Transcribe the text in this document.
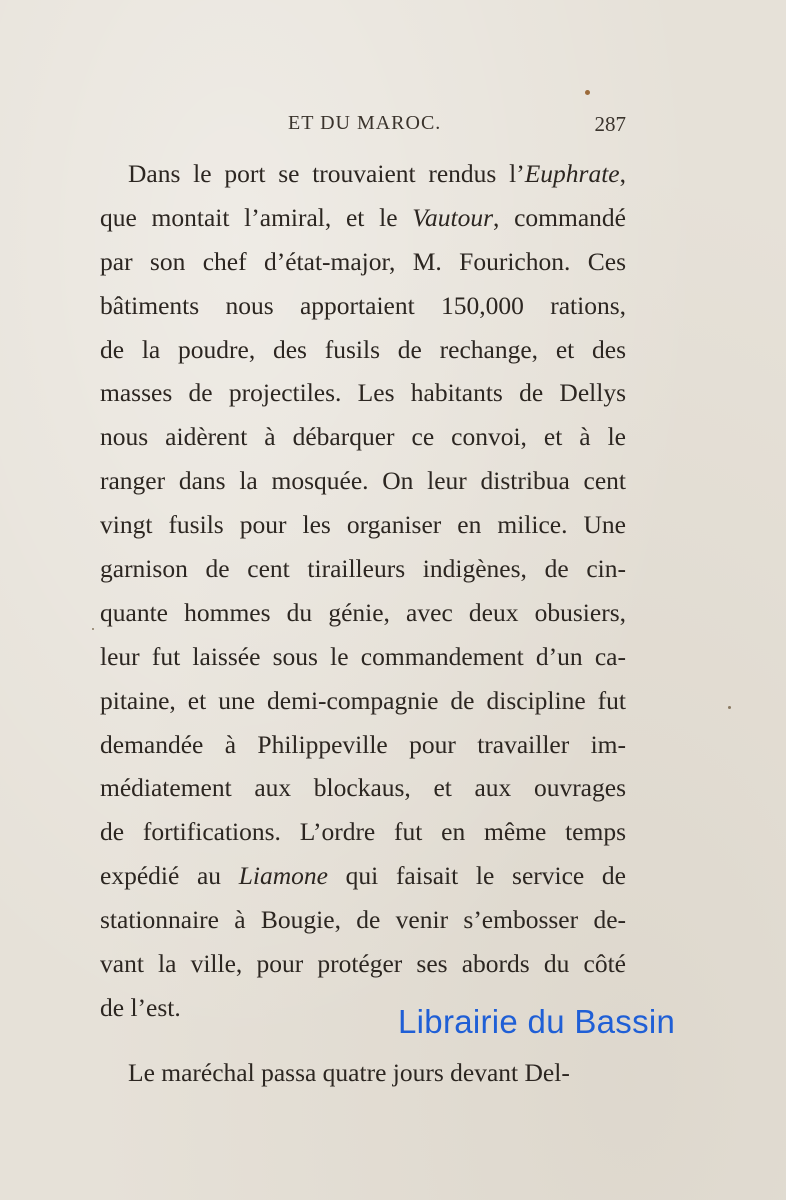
ET DU MAROC.	287
Dans le port se trouvaient rendus l’Euphrate,
que montait l’amiral, et le Vautour, commandé
par son chef d’état-major, M. Fourichon. Ces
bâtiments nous apportaient 150,000 rations,
de la poudre, des fusils de rechange, et des
masses de projectiles. Les habitants de Dellys
nous aidèrent à débarquer ce convoi, et à le
ranger dans la mosquée. On leur distribua cent
vingt fusils pour les organiser en milice. Une
garnison de cent tirailleurs indigènes, de cin-
quante hommes du génie, avec deux obusiers,
leur fut laissée sous le commandement d’un ca-
pitaine, et une demi-compagnie de discipline fut
demandée à Philippeville pour travailler im-
médiatement aux blockaus, et aux ouvrages
de fortifications. L’ordre fut en même temps
expédié au Liamone qui faisait le service de
stationnaire à Bougie, de venir s’embosser de-
vant la ville, pour protéger ses abords du côté
de l’est.
Le maréchal passa quatre jours devant Del-
Librairie du Bassin
